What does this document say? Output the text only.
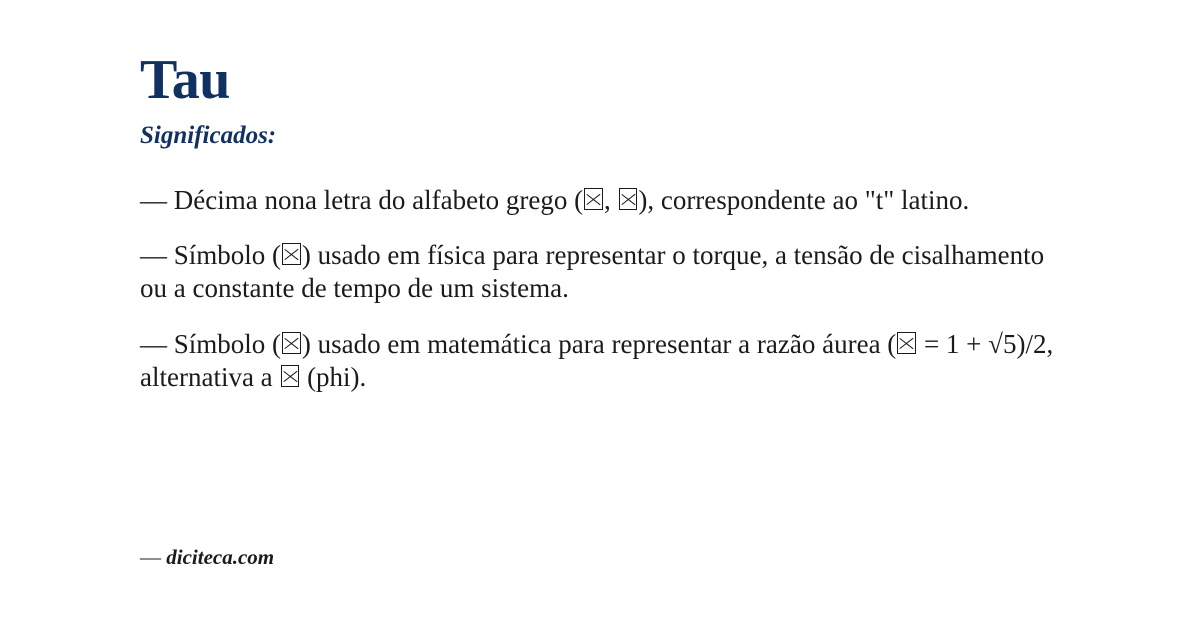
Tau
Significados:

— Décima nona letra do alfabeto grego ( , ), correspondente ao "t" latino.

— Símbolo ( ) usado em física para representar o torque, a tensão de cisalhamento ou a constante de tempo de um sistema.

— Símbolo ( ) usado em matemática para representar a razão áurea ( = 1 + √5)/2, alternativa a  (phi).

— diciteca.com
